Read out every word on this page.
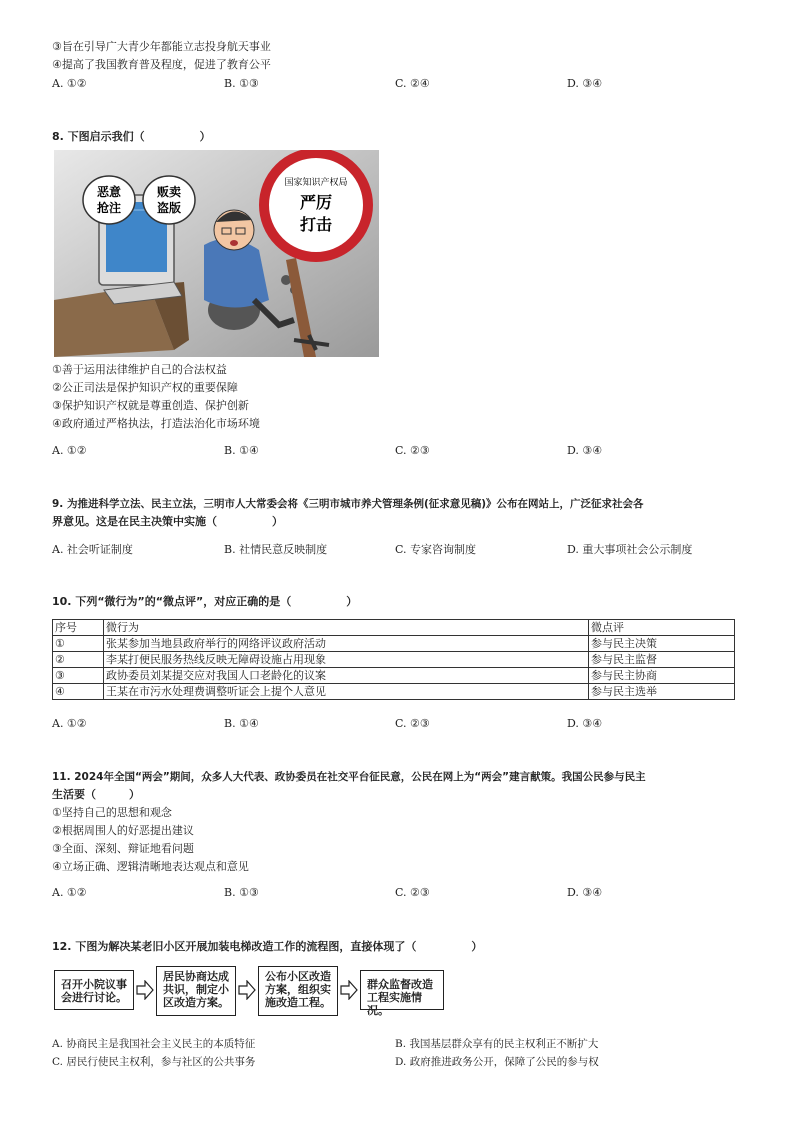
③旨在引导广大青少年都能立志投身航天事业
④提高了我国教育普及程度，促进了教育公平
A. ①②	B. ①③	C. ②④	D. ③④
8. 下图启示我们（　　　　　）
恶意
抢注
贩卖
盗版
国家知识产权局
严厉
打击
①善于运用法律维护自己的合法权益
②公正司法是保护知识产权的重要保障
③保护知识产权就是尊重创造、保护创新
④政府通过严格执法，打造法治化市场环境
A. ①②	B. ①④	C. ②③	D. ③④
9. 为推进科学立法、民主立法，三明市人大常委会将《三明市城市养犬管理条例(征求意见稿)》公布在网站上，广泛征求社会各
界意见。这是在民主决策中实施（　　　　　）
A. 社会听证制度	B. 社情民意反映制度	C. 专家咨询制度	D. 重大事项社会公示制度
10. 下列“微行为”的“微点评”，对应正确的是（　　　　　）
序号	微行为	微点评
①	张某参加当地县政府举行的网络评议政府活动	参与民主决策
②	李某打便民服务热线反映无障碍设施占用现象	参与民主监督
③	政协委员刘某提交应对我国人口老龄化的议案	参与民主协商
④	王某在市污水处理费调整听证会上提个人意见	参与民主选举
A. ①②	B. ①④	C. ②③	D. ③④
11. 2024年全国“两会”期间，众多人大代表、政协委员在社交平台征民意，公民在网上为“两会”建言献策。我国公民参与民主
生活要（　　　）
①坚持自己的思想和观念
②根据周围人的好恶提出建议
③全面、深刻、辩证地看问题
④立场正确、逻辑清晰地表达观点和意见
A. ①②	B. ①③	C. ②③	D. ③④
12. 下图为解决某老旧小区开展加装电梯改造工作的流程图，直接体现了（　　　　　）
召开小院议事
会进行讨论。
居民协商达成
共识，制定小
区改造方案。
公布小区改造
方案，组织实
施改造工程。
群众监督改造
工程实施情况。
A. 协商民主是我国社会主义民主的本质特征	B. 我国基层群众享有的民主权利正不断扩大
C. 居民行使民主权利，参与社区的公共事务	D. 政府推进政务公开，保障了公民的参与权
